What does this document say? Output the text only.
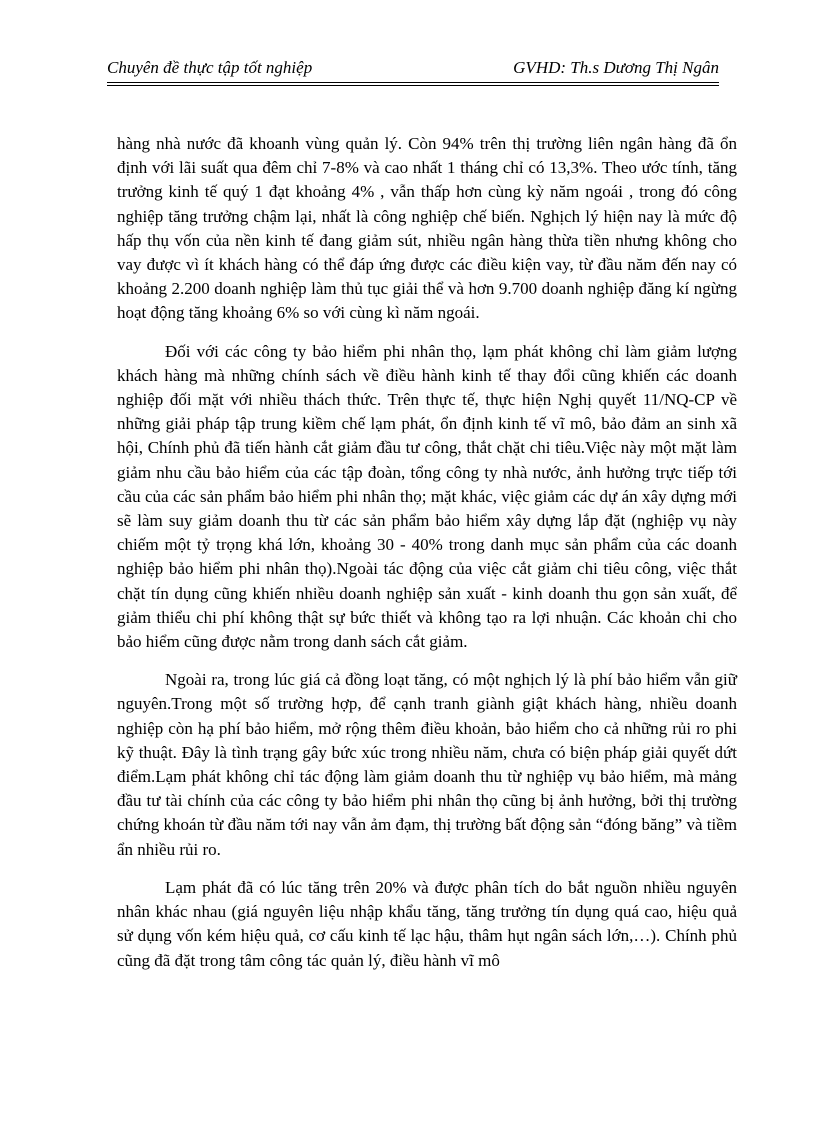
Chuyên đề thực tập tốt nghiệp	GVHD: Th.s Dương Thị Ngân

hàng nhà nước đã khoanh vùng quản lý. Còn 94% trên thị trường liên ngân hàng đã ổn định với lãi suất qua đêm chỉ 7-8% và cao nhất 1 tháng chỉ có 13,3%. Theo ước tính, tăng trưởng kinh tế quý 1 đạt khoảng 4% , vẫn thấp hơn cùng kỳ năm ngoái , trong đó công nghiệp tăng trưởng chậm lại, nhất là công nghiệp chế biến. Nghịch lý hiện nay là mức độ hấp thụ vốn của nền kinh tế đang giảm sút, nhiều ngân hàng thừa tiền nhưng không cho vay được vì ít khách hàng có thể đáp ứng được các điều kiện vay, từ đầu năm đến nay có khoảng 2.200 doanh nghiệp làm thủ tục giải thể và hơn 9.700 doanh nghiệp đăng kí ngừng hoạt động tăng khoảng 6% so với cùng kì năm ngoái.

Đối với các công ty bảo hiểm phi nhân thọ, lạm phát không chỉ làm giảm lượng khách hàng mà những chính sách về điều hành kinh tế thay đổi cũng khiến các doanh nghiệp đối mặt với nhiều thách thức. Trên thực tế, thực hiện Nghị quyết 11/NQ-CP về những giải pháp tập trung kiềm chế lạm phát, ổn định kinh tế vĩ mô, bảo đảm an sinh xã hội, Chính phủ đã tiến hành cắt giảm đầu tư công, thắt chặt chi tiêu.Việc này một mặt làm giảm nhu cầu bảo hiểm của các tập đoàn, tổng công ty nhà nước, ảnh hưởng trực tiếp tới cầu của các sản phẩm bảo hiểm phi nhân thọ; mặt khác, việc giảm các dự án xây dựng mới sẽ làm suy giảm doanh thu từ các sản phẩm bảo hiểm xây dựng lắp đặt (nghiệp vụ này chiếm một tỷ trọng khá lớn, khoảng 30 - 40% trong danh mục sản phẩm của các doanh nghiệp bảo hiểm phi nhân thọ).Ngoài tác động của việc cắt giảm chi tiêu công, việc thắt chặt tín dụng cũng khiến nhiều doanh nghiệp sản xuất - kinh doanh thu gọn sản xuất, để giảm thiểu chi phí không thật sự bức thiết và không tạo ra lợi nhuận. Các khoản chi cho bảo hiểm cũng được nằm trong danh sách cắt giảm.

Ngoài ra, trong lúc giá cả đồng loạt tăng, có một nghịch lý là phí bảo hiểm vẫn giữ nguyên.Trong một số trường hợp, để cạnh tranh giành giật khách hàng, nhiều doanh nghiệp còn hạ phí bảo hiểm, mở rộng thêm điều khoản, bảo hiểm cho cả những rủi ro phi kỹ thuật. Đây là tình trạng gây bức xúc trong nhiều năm, chưa có biện pháp giải quyết dứt điểm.Lạm phát không chỉ tác động làm giảm doanh thu từ nghiệp vụ bảo hiểm, mà mảng đầu tư tài chính của các công ty bảo hiểm phi nhân thọ cũng bị ảnh hưởng, bởi thị trường chứng khoán từ đầu năm tới nay vẫn ảm đạm, thị trường bất động sản “đóng băng” và tiềm ẩn nhiều rủi ro.

Lạm phát đã có lúc tăng trên 20% và được phân tích do bắt nguồn nhiều nguyên nhân khác nhau (giá nguyên liệu nhập khẩu tăng, tăng trưởng tín dụng quá cao, hiệu quả sử dụng vốn kém hiệu quả, cơ cấu kinh tế lạc hậu, thâm hụt ngân sách lớn,…). Chính phủ cũng đã đặt trong tâm công tác quản lý, điều hành vĩ mô
